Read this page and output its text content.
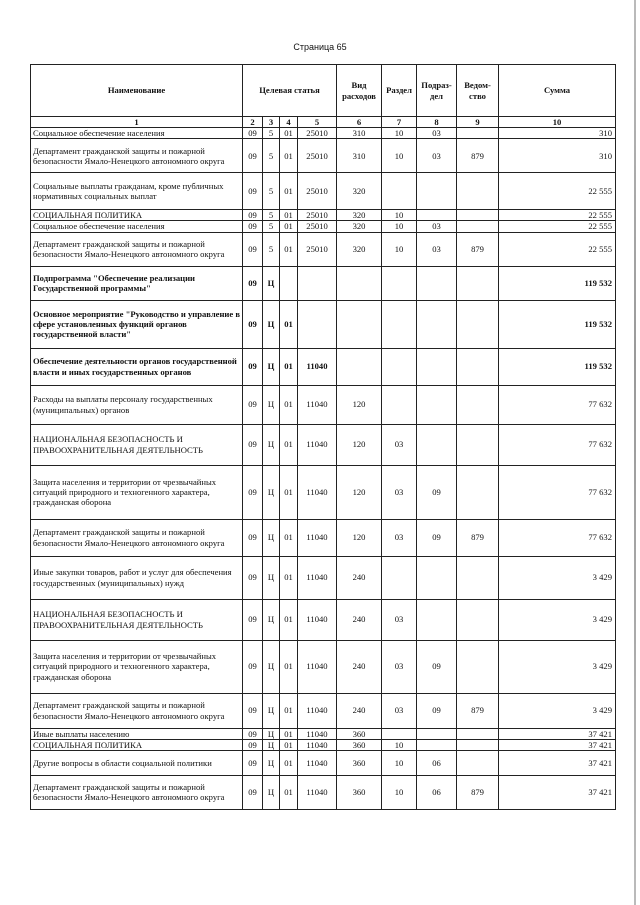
Страница 65
Наименование	Целевая статья				Вид расходов	Раздел	Подраз-дел	Ведом-ство	Сумма
1	2	3	4	5	6	7	8	9	10
Социальное обеспечение населения	09	5	01	25010	310	10	03		310
Департамент гражданской защиты и пожарной безопасности Ямало-Ненецкого автономного округа	09	5	01	25010	310	10	03	879	310
Социальные выплаты гражданам, кроме публичных нормативных социальных выплат	09	5	01	25010	320				22 555
СОЦИАЛЬНАЯ ПОЛИТИКА	09	5	01	25010	320	10			22 555
Социальное обеспечение населения	09	5	01	25010	320	10	03		22 555
Департамент гражданской защиты и пожарной безопасности Ямало-Ненецкого автономного округа	09	5	01	25010	320	10	03	879	22 555
Подпрограмма "Обеспечение реализации Государственной программы"	09	Ц							119 532
Основное мероприятие "Руководство и управление в сфере установленных функций органов государственной власти"	09	Ц	01						119 532
Обеспечение деятельности органов государственной власти и иных государственных органов	09	Ц	01	11040					119 532
Расходы на выплаты персоналу государственных (муниципальных) органов	09	Ц	01	11040	120				77 632
НАЦИОНАЛЬНАЯ БЕЗОПАСНОСТЬ И ПРАВООХРАНИТЕЛЬНАЯ ДЕЯТЕЛЬНОСТЬ	09	Ц	01	11040	120	03			77 632
Защита населения и территории от чрезвычайных ситуаций природного и техногенного характера, гражданская оборона	09	Ц	01	11040	120	03	09		77 632
Департамент гражданской защиты и пожарной безопасности Ямало-Ненецкого автономного округа	09	Ц	01	11040	120	03	09	879	77 632
Иные закупки товаров, работ и услуг для обеспечения государственных (муниципальных) нужд	09	Ц	01	11040	240				3 429
НАЦИОНАЛЬНАЯ БЕЗОПАСНОСТЬ И ПРАВООХРАНИТЕЛЬНАЯ ДЕЯТЕЛЬНОСТЬ	09	Ц	01	11040	240	03			3 429
Защита населения и территории от чрезвычайных ситуаций природного и техногенного характера, гражданская оборона	09	Ц	01	11040	240	03	09		3 429
Департамент гражданской защиты и пожарной безопасности Ямало-Ненецкого автономного округа	09	Ц	01	11040	240	03	09	879	3 429
Иные выплаты населению	09	Ц	01	11040	360				37 421
СОЦИАЛЬНАЯ ПОЛИТИКА	09	Ц	01	11040	360	10			37 421
Другие вопросы в области социальной политики	09	Ц	01	11040	360	10	06		37 421
Департамент гражданской защиты и пожарной безопасности Ямало-Ненецкого автономного округа	09	Ц	01	11040	360	10	06	879	37 421
